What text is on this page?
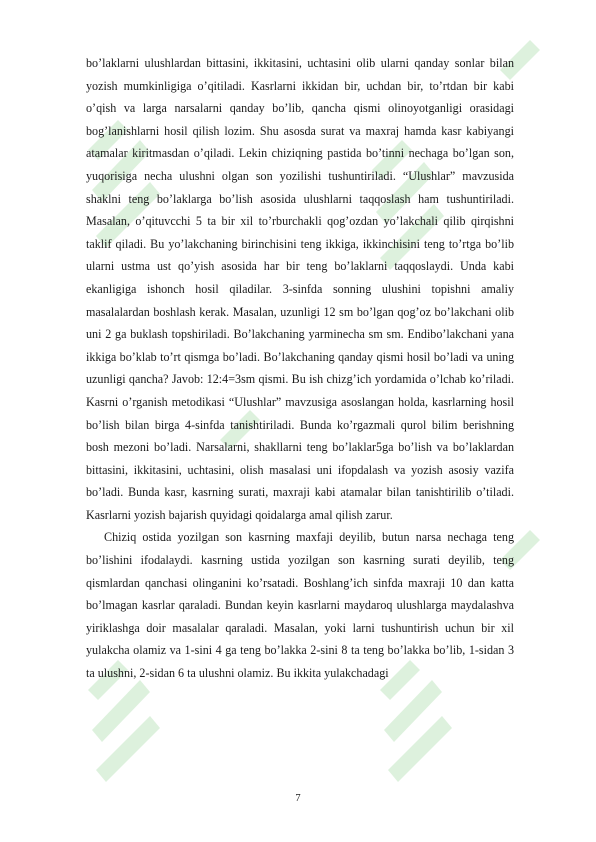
bo’laklarni ulushlardan bittasini, ikkitasini, uchtasini olib ularni qanday sonlar bilan yozish mumkinligiga o’qitiladi. Kasrlarni ikkidan bir, uchdan bir, to’rtdan bir kabi o’qish va larga narsalarni qanday bo’lib, qancha qismi olinoyotganligi orasidagi bog’lanishlarni hosil qilish lozim. Shu asosda surat va maxraj hamda kasr kabiyangi atamalar kiritmasdan o’qiladi. Lekin chiziqning pastida bo’tinni nechaga bo’lgan son, yuqorisiga necha ulushni olgan son yozilishi tushuntiriladi. “Ulushlar” mavzusida shaklni teng bo’laklarga bo’lish asosida ulushlarni taqqoslash ham tushuntiriladi. Masalan, o’qituvcchi 5 ta bir xil to’rburchakli qog’ozdan yo’lakchali qilib qirqishni taklif qiladi. Bu yo’lakchaning birinchisini teng ikkiga, ikkinchisini teng to’rtga bo’lib ularni ustma ust qo’yish asosida har bir teng bo’laklarni taqqoslaydi. Unda kabi ekanligiga ishonch hosil qiladilar. 3-sinfda sonning ulushini topishni amaliy masalalardan boshlash kerak. Masalan, uzunligi 12 sm bo’lgan qog’oz bo’lakchani olib uni 2 ga buklash topshiriladi. Bo’lakchaning yarminecha sm sm. Endibo’lakchani yana ikkiga bo’klab to’rt qismga bo’ladi. Bo’lakchaning qanday qismi hosil bo’ladi va uning uzunligi qancha? Javob: 12:4=3sm qismi. Bu ish chizg’ich yordamida o’lchab ko’riladi. Kasrni o’rganish metodikasi “Ulushlar” mavzusiga asoslangan holda, kasrlarning hosil bo’lish bilan birga 4-sinfda tanishtiriladi. Bunda ko’rgazmali qurol bilim berishning bosh mezoni bo’ladi. Narsalarni, shakllarni teng bo’laklar5ga bo’lish va bo’laklardan bittasini, ikkitasini, uchtasini, olish masalasi uni ifopdalash va yozish asosiy vazifa bo’ladi. Bunda kasr, kasrning surati, maxraji kabi atamalar bilan tanishtirilib o’tiladi. Kasrlarni yozish bajarish quyidagi qoidalarga amal qilish zarur.

Chiziq ostida yozilgan son kasrning maxfaji deyilib, butun narsa nechaga teng bo’lishini ifodalaydi. kasrning ustida yozilgan son kasrning surati deyilib, teng qismlardan qanchasi olinganini ko’rsatadi. Boshlang’ich sinfda maxraji 10 dan katta bo’lmagan kasrlar qaraladi. Bundan keyin kasrlarni maydaroq ulushlarga maydalashva yiriklashga doir masalalar qaraladi. Masalan, yoki larni tushuntirish uchun bir xil yulakcha olamiz va 1-sini 4 ga teng bo’lakka 2-sini 8 ta teng bo’lakka bo’lib, 1-sidan 3 ta ulushni, 2-sidan 6 ta ulushni olamiz. Bu ikkita yulakchadagi

7
